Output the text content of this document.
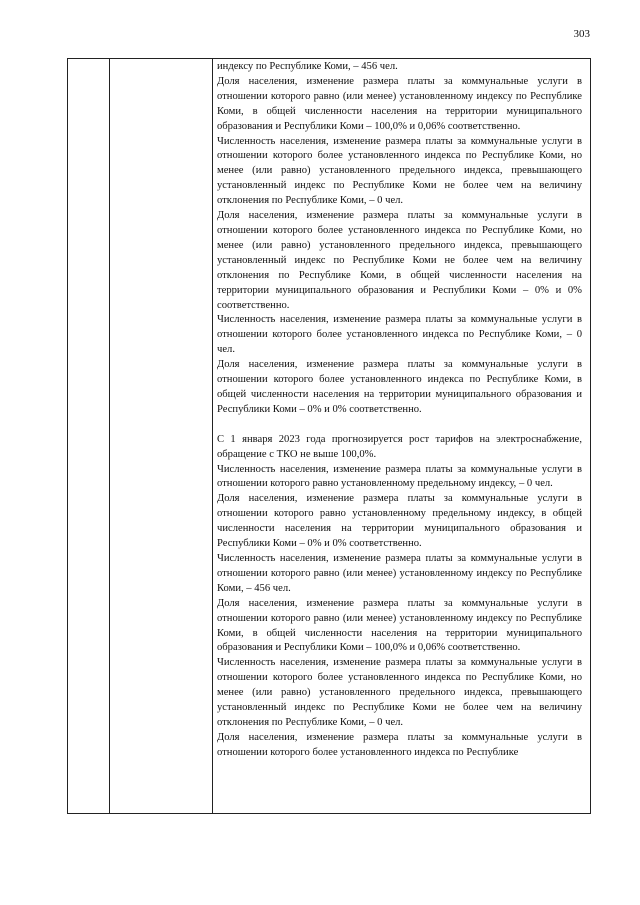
303

индексу по Республике Коми, – 456 чел.

Доля населения, изменение размера платы за коммунальные услуги в отношении которого равно (или менее) установленному индексу по Республике Коми, в общей численности населения на территории муниципального образования и Республики Коми – 100,0% и 0,06% соответственно.

Численность населения, изменение размера платы за коммунальные услуги в отношении которого более установленного индекса по Республике Коми, но менее (или равно) установленного предельного индекса, превышающего установленный индекс по Республике Коми не более чем на величину отклонения по Республике Коми, – 0 чел.

Доля населения, изменение размера платы за коммунальные услуги в отношении которого более установленного индекса по Республике Коми, но менее (или равно) установленного предельного индекса, превышающего установленный индекс по Республике Коми не более чем на величину отклонения по Республике Коми, в общей численности населения на территории муниципального образования и Республики Коми – 0% и 0% соответственно.

Численность населения, изменение размера платы за коммунальные услуги в отношении которого более установленного индекса по Республике Коми, – 0 чел.

Доля населения, изменение размера платы за коммунальные услуги в отношении которого более установленного индекса по Республике Коми, в общей численности населения на территории муниципального образования и Республики Коми – 0% и 0% соответственно.

С 1 января 2023 года прогнозируется рост тарифов на электроснабжение, обращение с ТКО не выше 100,0%.

Численность населения, изменение размера платы за коммунальные услуги в отношении которого равно установленному предельному индексу, – 0 чел.

Доля населения, изменение размера платы за коммунальные услуги в отношении которого равно установленному предельному индексу, в общей численности населения на территории муниципального образования и Республики Коми – 0% и 0% соответственно.

Численность населения, изменение размера платы за коммунальные услуги в отношении которого равно (или менее) установленному индексу по Республике Коми, – 456 чел.

Доля населения, изменение размера платы за коммунальные услуги в отношении которого равно (или менее) установленному индексу по Республике Коми, в общей численности населения на территории муниципального образования и Республики Коми – 100,0% и 0,06% соответственно.

Численность населения, изменение размера платы за коммунальные услуги в отношении которого более установленного индекса по Республике Коми, но менее (или равно) установленного предельного индекса, превышающего установленный индекс по Республике Коми не более чем на величину отклонения по Республике Коми, – 0 чел.

Доля населения, изменение размера платы за коммунальные услуги в отношении которого более установленного индекса по Республике
